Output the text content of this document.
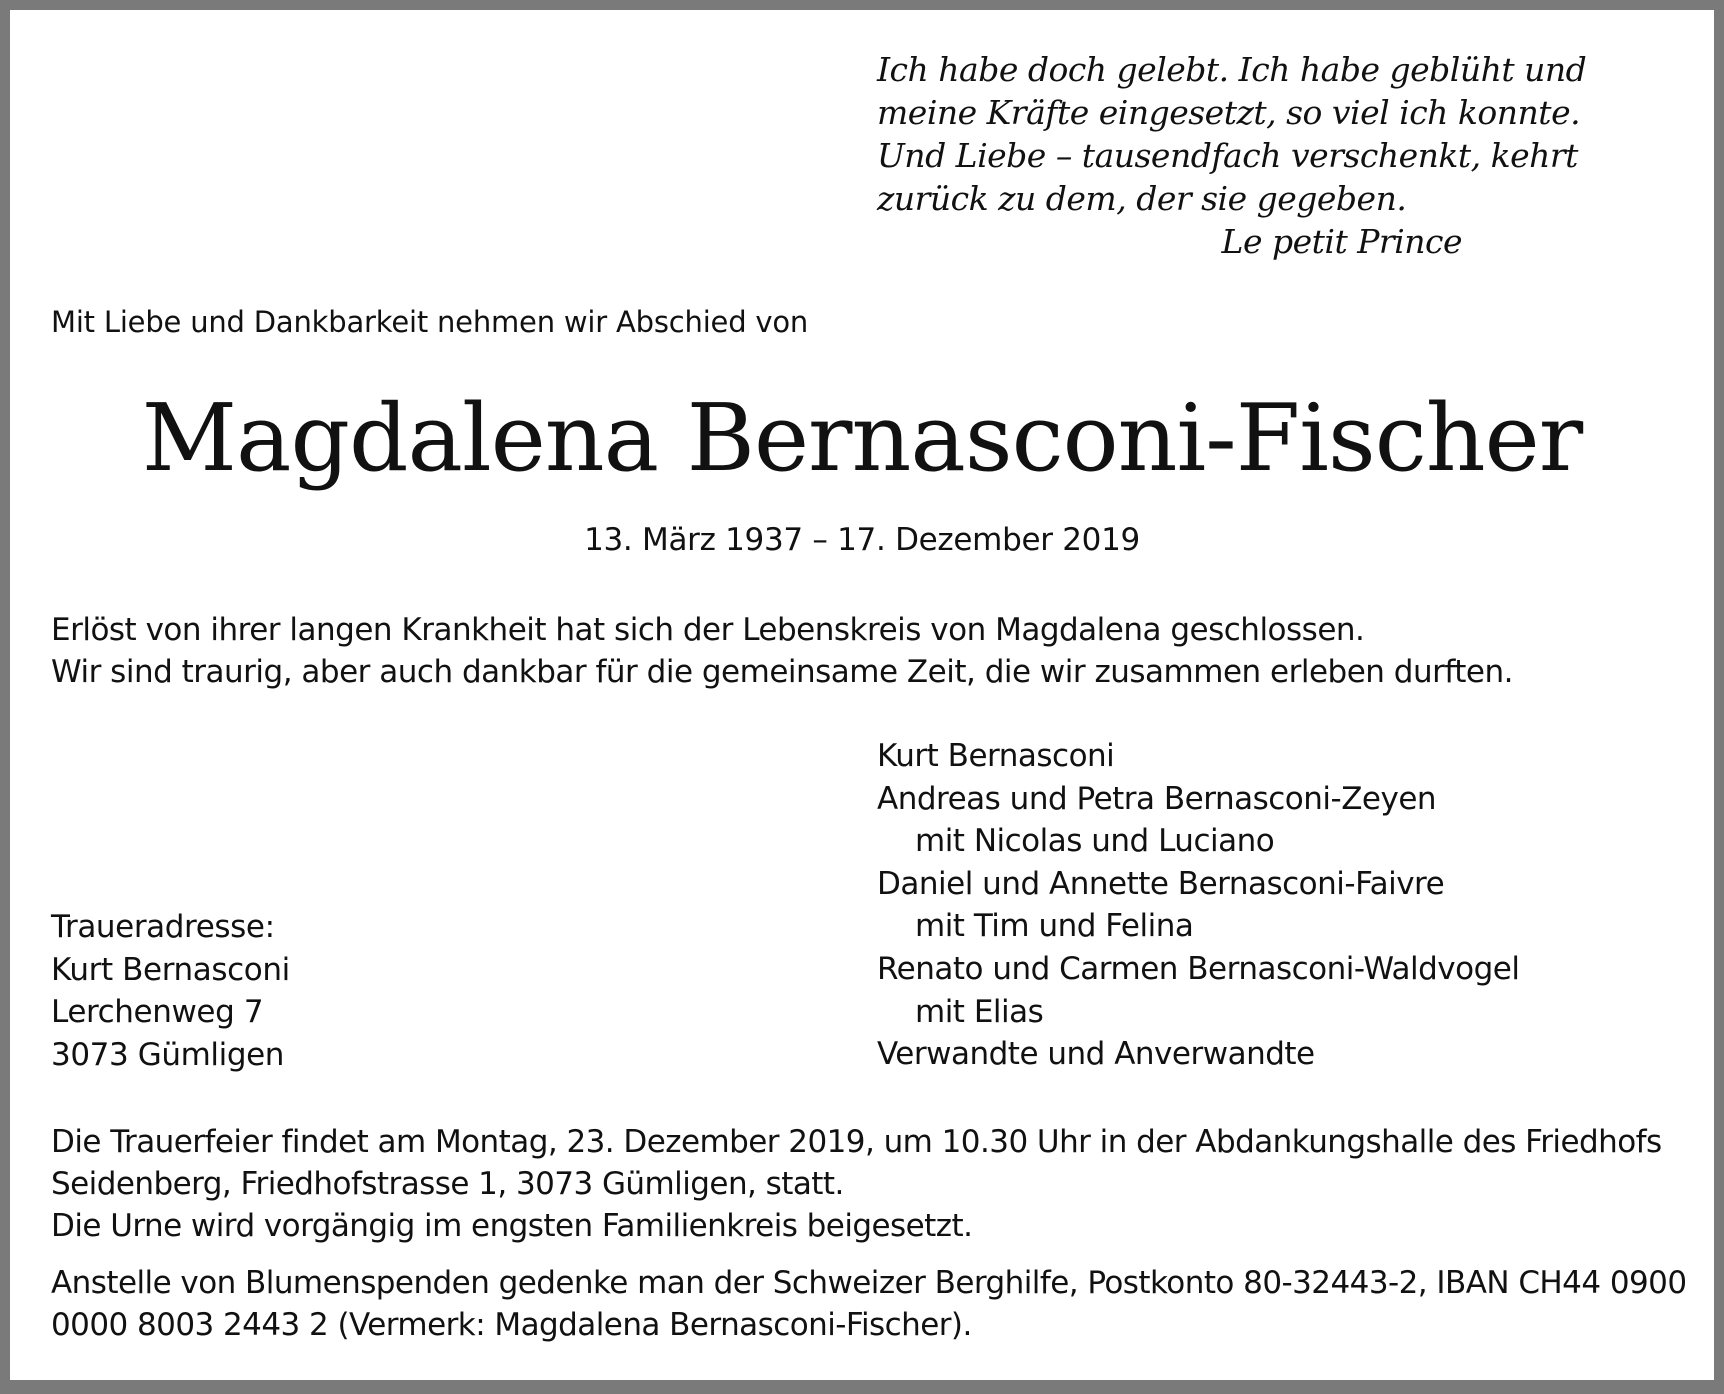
Ich habe doch gelebt. Ich habe geblüht und
meine Kräfte eingesetzt, so viel ich konnte.
Und Liebe – tausendfach verschenkt, kehrt
zurück zu dem, der sie gegeben.
Le petit Prince
Mit Liebe und Dankbarkeit nehmen wir Abschied von
Magdalena Bernasconi-Fischer
13. März 1937 – 17. Dezember 2019
Erlöst von ihrer langen Krankheit hat sich der Lebenskreis von Magdalena geschlossen.
Wir sind traurig, aber auch dankbar für die gemeinsame Zeit, die wir zusammen erleben durften.
Kurt Bernasconi
Andreas und Petra Bernasconi-Zeyen
mit Nicolas und Luciano
Daniel und Annette Bernasconi-Faivre
mit Tim und Felina
Renato und Carmen Bernasconi-Waldvogel
mit Elias
Verwandte und Anverwandte
Traueradresse:
Kurt Bernasconi
Lerchenweg 7
3073 Gümligen
Die Trauerfeier findet am Montag, 23. Dezember 2019, um 10.30 Uhr in der Abdankungshalle des Friedhofs
Seidenberg, Friedhofstrasse 1, 3073 Gümligen, statt.
Die Urne wird vorgängig im engsten Familienkreis beigesetzt.
Anstelle von Blumenspenden gedenke man der Schweizer Berghilfe, Postkonto 80-32443-2, IBAN CH44 0900
0000 8003 2443 2 (Vermerk: Magdalena Bernasconi-Fischer).
